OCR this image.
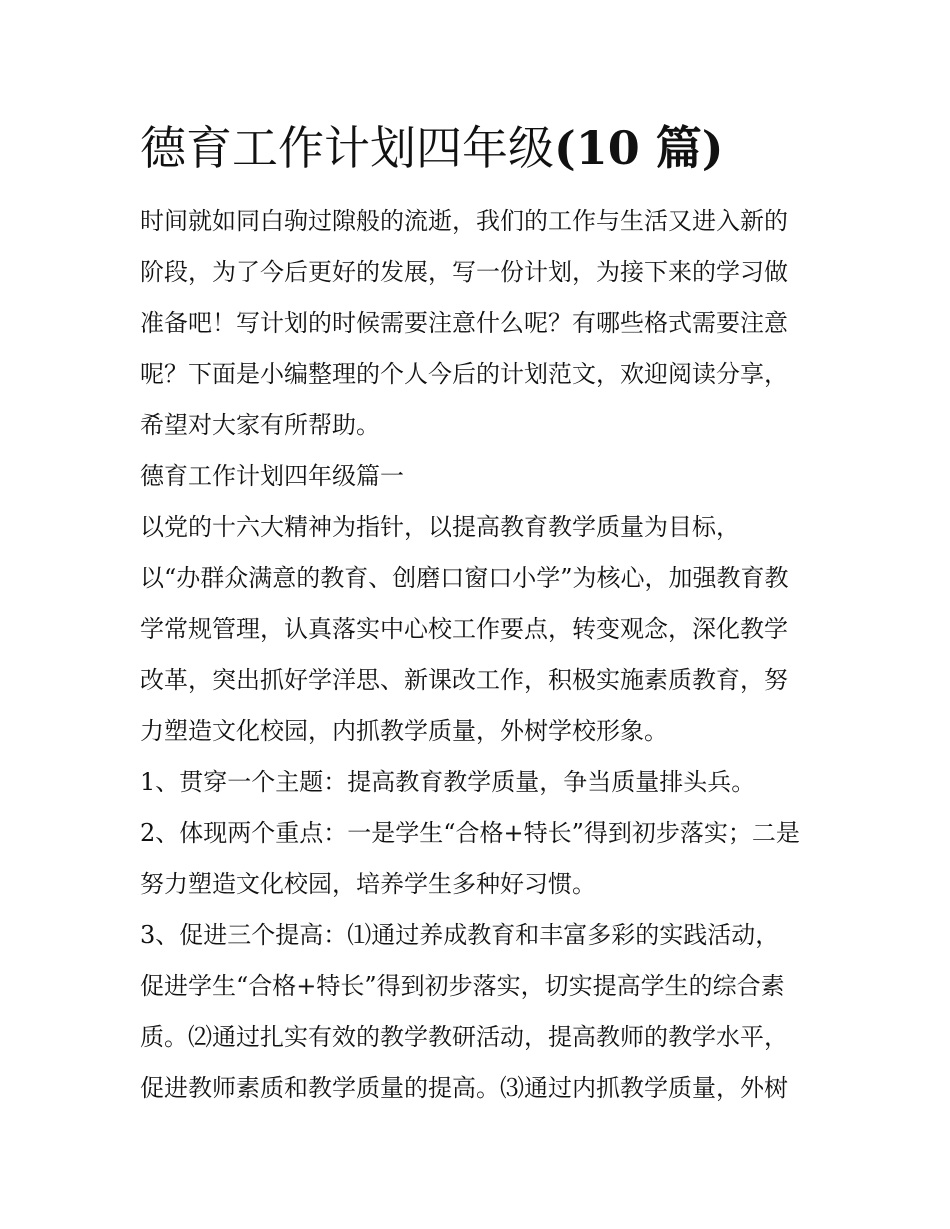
德育工作计划四年级(10 篇)
时间就如同白驹过隙般的流逝，我们的工作与生活又进入新的
阶段，为了今后更好的发展，写一份计划，为接下来的学习做
准备吧！写计划的时候需要注意什么呢？有哪些格式需要注意
呢？下面是小编整理的个人今后的计划范文，欢迎阅读分享，
希望对大家有所帮助。

德育工作计划四年级篇一

以党的十六大精神为指针，以提高教育教学质量为目标，
以“办群众满意的教育、创磨口窗口小学”为核心，加强教育教
学常规管理，认真落实中心校工作要点，转变观念，深化教学
改革，突出抓好学洋思、新课改工作，积极实施素质教育，努
力塑造文化校园，内抓教学质量，外树学校形象。

1、贯穿一个主题：提高教育教学质量，争当质量排头兵。

2、体现两个重点：一是学生“合格+特长”得到初步落实；二是
努力塑造文化校园，培养学生多种好习惯。
3、促进三个提高：⑴通过养成教育和丰富多彩的实践活动，
促进学生“合格+特长”得到初步落实，切实提高学生的综合素
质。⑵通过扎实有效的教学教研活动，提高教师的教学水平，
促进教师素质和教学质量的提高。⑶通过内抓教学质量，外树
